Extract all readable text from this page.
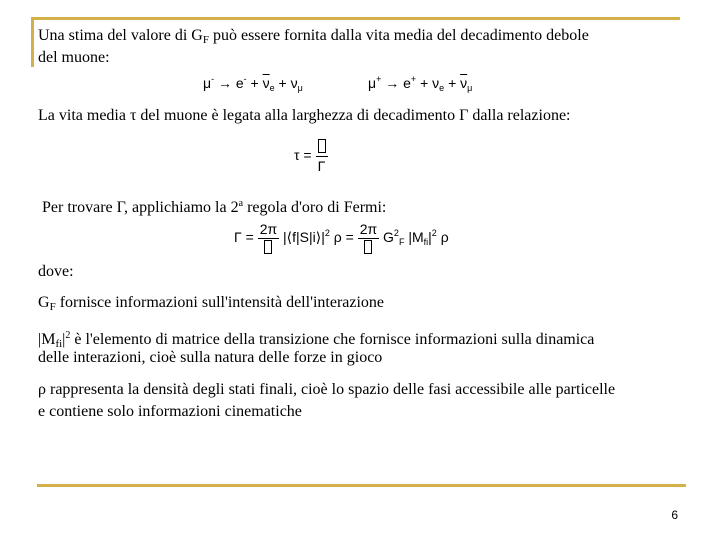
Una stima del valore di $G_F$ può essere fornita dalla vita media del decadimento debole
del muone:
$\mu^- \to e^- + \overline{\nu}_e + \nu_\mu$	$\mu^+ \to e^+ + \nu_e + \overline{\nu}_\mu$
La vita media τ del muone è legata alla larghezza di decadimento Γ dalla relazione:
τ =
Γ
Per trovare Γ, applichiamo la 2$^a$ regola d'oro di Fermi:
Γ =
2π
$|⟨f|S|i⟩|^2$ ρ =
2π
$G^2_F$ $|M_{fi}|^2$ ρ
dove:
$G_F$ fornisce informazioni sull'intensità dell'interazione
$|M_{fi}|^2$ è l'elemento di matrice della transizione che fornisce informazioni sulla dinamica
delle interazioni, cioè sulla natura delle forze in gioco
ρ rappresenta la densità degli stati finali, cioè lo spazio delle fasi accessibile alle particelle
e contiene solo informazioni cinematiche
6
